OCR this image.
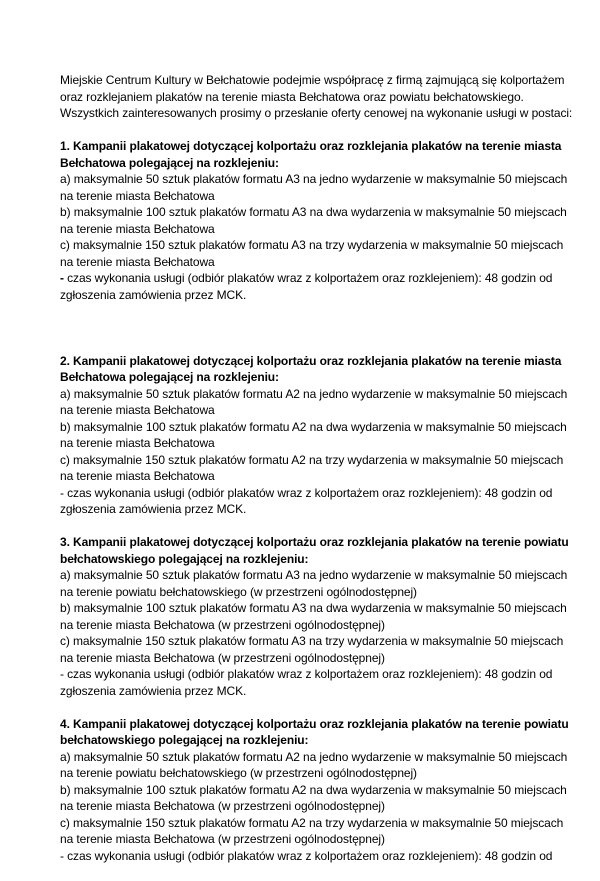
Miejskie Centrum Kultury w Bełchatowie podejmie współpracę z firmą zajmującą się kolportażem
oraz rozklejaniem plakatów na terenie miasta Bełchatowa oraz powiatu bełchatowskiego.
Wszystkich zainteresowanych prosimy o przesłanie oferty cenowej na wykonanie usługi w postaci:
1. Kampanii plakatowej dotyczącej kolportażu oraz rozklejania plakatów na terenie miasta
Bełchatowa polegającej na rozklejeniu:
a) maksymalnie 50 sztuk plakatów formatu A3 na jedno wydarzenie w maksymalnie 50 miejscach
na terenie miasta Bełchatowa
b) maksymalnie 100 sztuk plakatów formatu A3 na dwa wydarzenia w maksymalnie 50 miejscach
na terenie miasta Bełchatowa
c) maksymalnie 150 sztuk plakatów formatu A3 na trzy wydarzenia w maksymalnie 50 miejscach
na terenie miasta Bełchatowa
- czas wykonania usługi (odbiór plakatów wraz z kolportażem oraz rozklejeniem): 48 godzin od
zgłoszenia zamówienia przez MCK.
2. Kampanii plakatowej dotyczącej kolportażu oraz rozklejania plakatów na terenie miasta
Bełchatowa polegającej na rozklejeniu:
a) maksymalnie 50 sztuk plakatów formatu A2 na jedno wydarzenie w maksymalnie 50 miejscach
na terenie miasta Bełchatowa
b) maksymalnie 100 sztuk plakatów formatu A2 na dwa wydarzenia w maksymalnie 50 miejscach
na terenie miasta Bełchatowa
c) maksymalnie 150 sztuk plakatów formatu A2 na trzy wydarzenia w maksymalnie 50 miejscach
na terenie miasta Bełchatowa
- czas wykonania usługi (odbiór plakatów wraz z kolportażem oraz rozklejeniem): 48 godzin od
zgłoszenia zamówienia przez MCK.
3. Kampanii plakatowej dotyczącej kolportażu oraz rozklejania plakatów na terenie powiatu
bełchatowskiego polegającej na rozklejeniu:
a) maksymalnie 50 sztuk plakatów formatu A3 na jedno wydarzenie w maksymalnie 50 miejscach
na terenie powiatu bełchatowskiego (w przestrzeni ogólnodostępnej)
b) maksymalnie 100 sztuk plakatów formatu A3 na dwa wydarzenia w maksymalnie 50 miejscach
na terenie miasta Bełchatowa (w przestrzeni ogólnodostępnej)
c) maksymalnie 150 sztuk plakatów formatu A3 na trzy wydarzenia w maksymalnie 50 miejscach
na terenie miasta Bełchatowa (w przestrzeni ogólnodostępnej)
- czas wykonania usługi (odbiór plakatów wraz z kolportażem oraz rozklejeniem): 48 godzin od
zgłoszenia zamówienia przez MCK.
4. Kampanii plakatowej dotyczącej kolportażu oraz rozklejania plakatów na terenie powiatu
bełchatowskiego polegającej na rozklejeniu:
a) maksymalnie 50 sztuk plakatów formatu A2 na jedno wydarzenie w maksymalnie 50 miejscach
na terenie powiatu bełchatowskiego (w przestrzeni ogólnodostępnej)
b) maksymalnie 100 sztuk plakatów formatu A2 na dwa wydarzenia w maksymalnie 50 miejscach
na terenie miasta Bełchatowa (w przestrzeni ogólnodostępnej)
c) maksymalnie 150 sztuk plakatów formatu A2 na trzy wydarzenia w maksymalnie 50 miejscach
na terenie miasta Bełchatowa (w przestrzeni ogólnodostępnej)
- czas wykonania usługi (odbiór plakatów wraz z kolportażem oraz rozklejeniem): 48 godzin od
